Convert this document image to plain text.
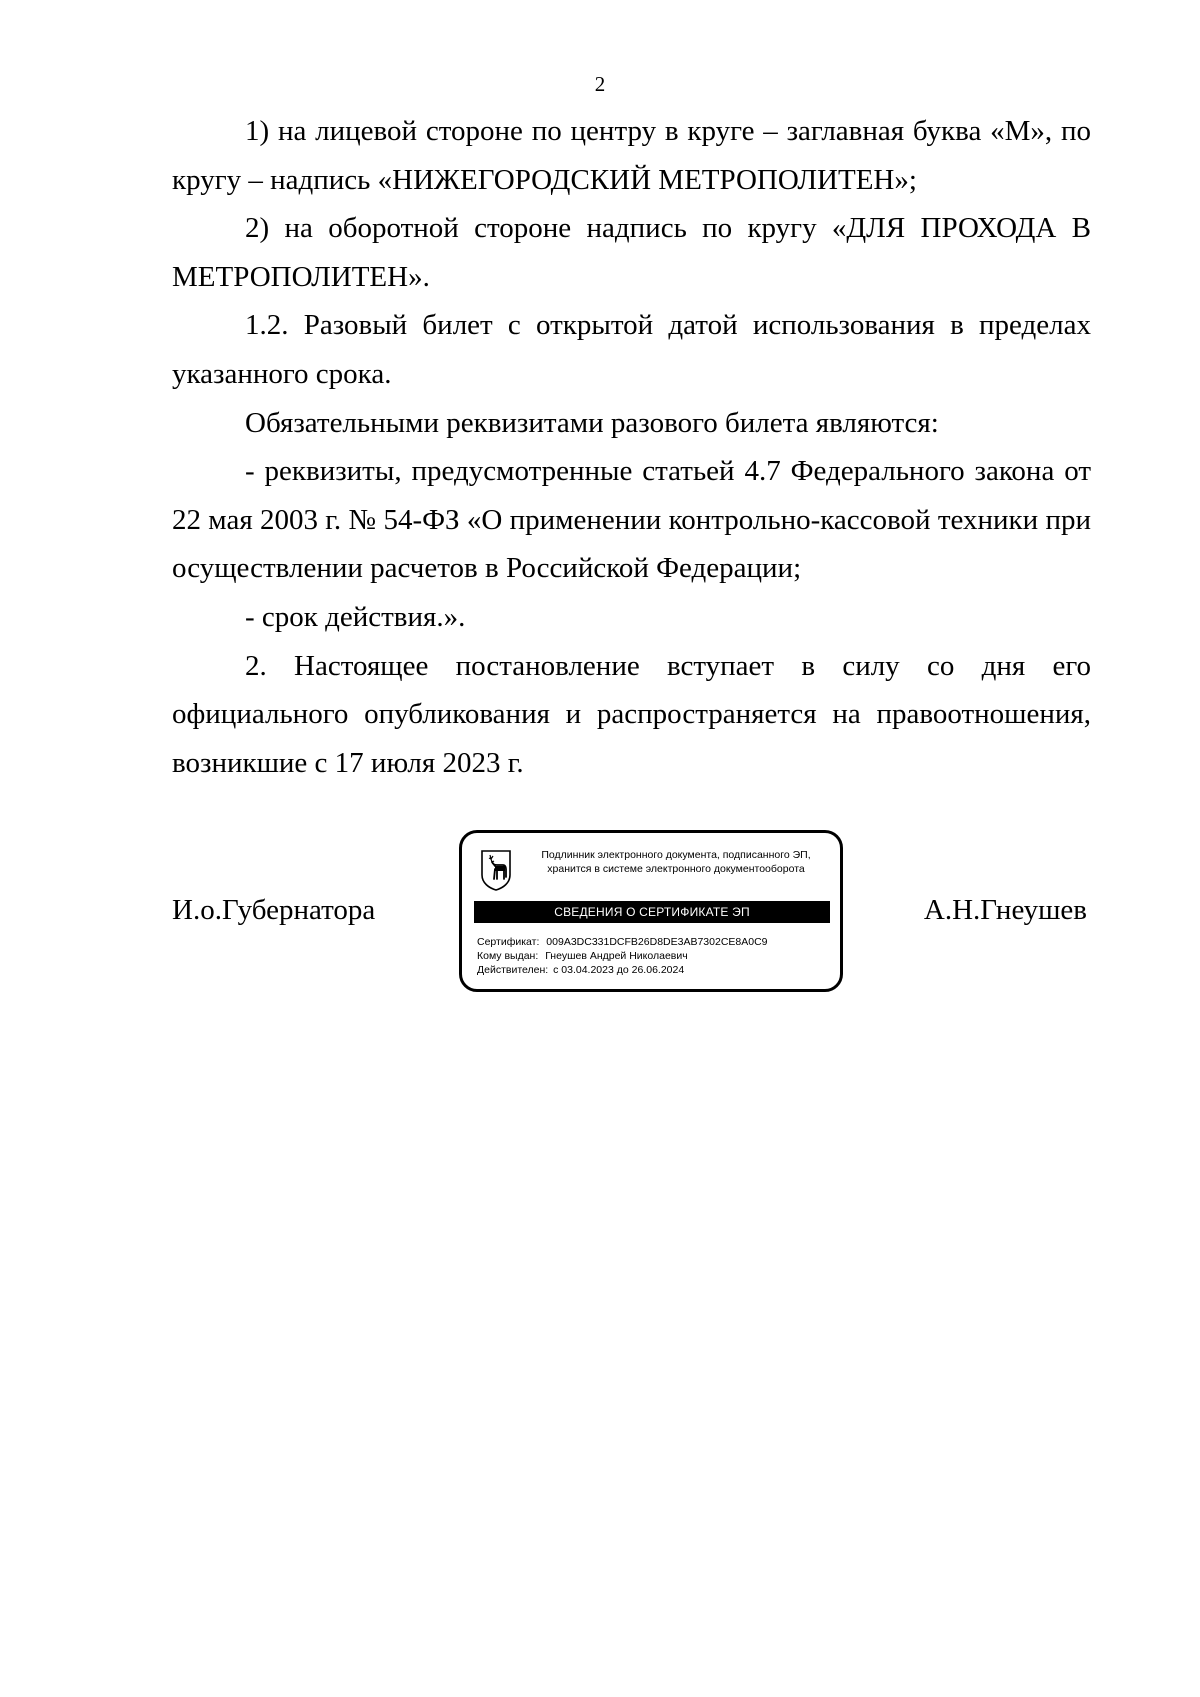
2

1) на лицевой стороне по центру в круге – заглавная буква «М», по кругу – надпись «НИЖЕГОРОДСКИЙ МЕТРОПОЛИТЕН»;

2) на оборотной стороне надпись по кругу «ДЛЯ ПРОХОДА В МЕТРОПОЛИТЕН».

1.2. Разовый билет с открытой датой использования в пределах указанного срока.

Обязательными реквизитами разового билета являются:

- реквизиты, предусмотренные статьей 4.7 Федерального закона от 22 мая 2003 г. № 54-ФЗ «О применении контрольно-кассовой техники при осуществлении расчетов в Российской Федерации;

- срок действия.».

2. Настоящее постановление вступает в силу со дня его официального опубликования и распространяется на правоотношения, возникшие с 17 июля 2023 г.

И.о.Губернатора	А.Н.Гнеушев
Подлинник электронного документа, подписанного ЭП,
хранится в системе электронного документооборота
СВЕДЕНИЯ О СЕРТИФИКАТЕ ЭП
Сертификат: 009A3DC331DCFB26D8DE3AB7302CE8A0C9
Кому выдан: Гнеушев Андрей Николаевич
Действителен: с 03.04.2023 до 26.06.2024
